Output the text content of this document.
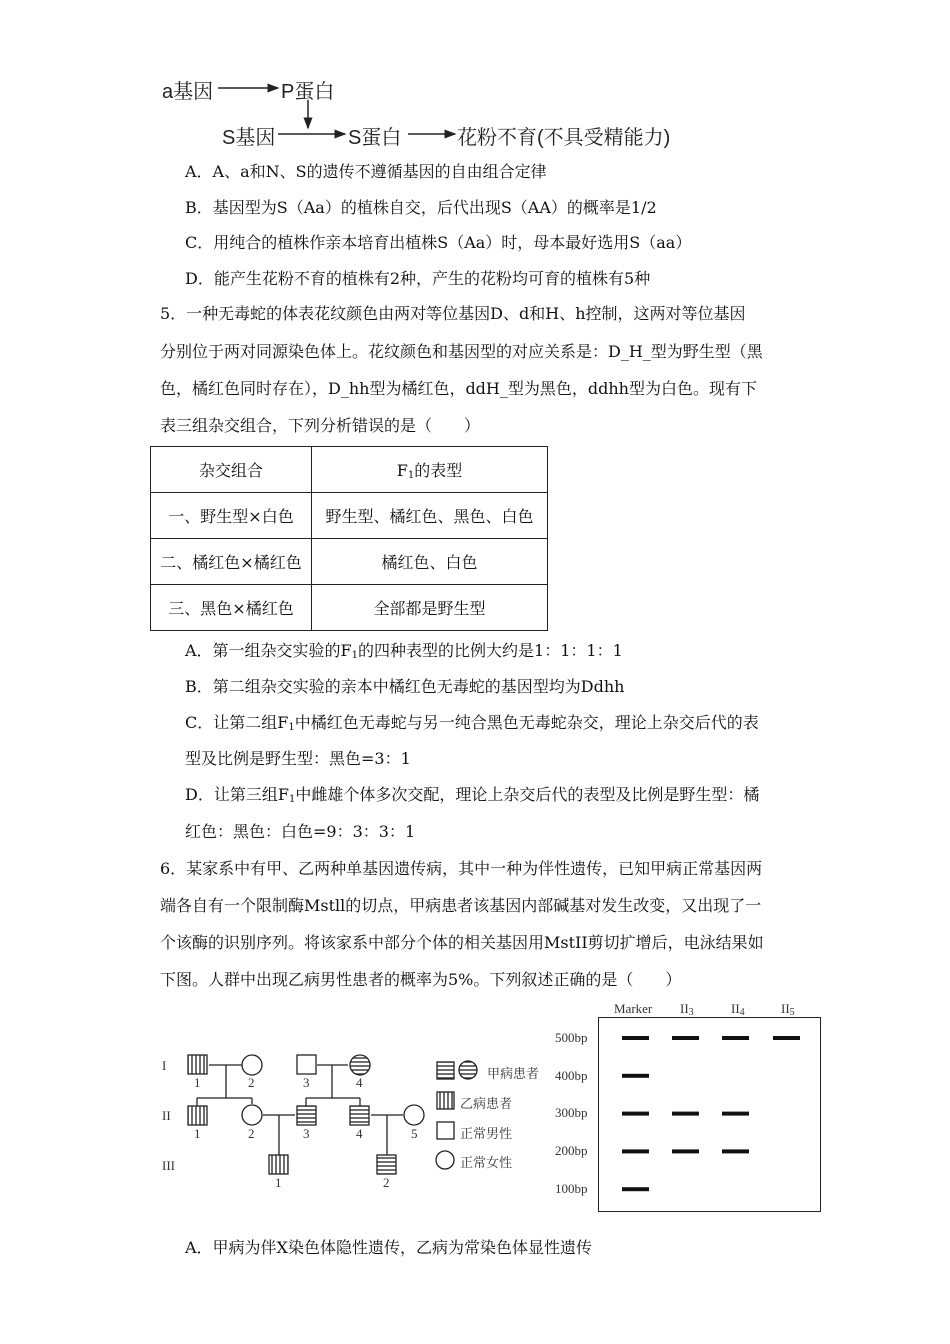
a基因	P蛋白
S基因	S蛋白	花粉不育(不具受精能力)
A．A、a和N、S的遗传不遵循基因的自由组合定律
B．基因型为S（Aa）的植株自交，后代出现S（AA）的概率是1/2
C．用纯合的植株作亲本培育出植株S（Aa）时，母本最好选用S（aa）
D．能产生花粉不育的植株有2种，产生的花粉均可育的植株有5种
5．一种无毒蛇的体表花纹颜色由两对等位基因D、d和H、h控制，这两对等位基因
分别位于两对同源染色体上。花纹颜色和基因型的对应关系是：D_H_型为野生型（黑
色，橘红色同时存在），D_hh型为橘红色，ddH_型为黑色，ddhh型为白色。现有下
表三组杂交组合，下列分析错误的是（　　）
杂交组合	F1的表型
一、野生型×白色	野生型、橘红色、黑色、白色
二、橘红色×橘红色	橘红色、白色
三、黑色×橘红色	全部都是野生型
A．第一组杂交实验的F1的四种表型的比例大约是1：1：1：1
B．第二组杂交实验的亲本中橘红色无毒蛇的基因型均为Ddhh
C．让第二组F1中橘红色无毒蛇与另一纯合黑色无毒蛇杂交，理论上杂交后代的表
型及比例是野生型：黑色=3：1
D．让第三组F1中雌雄个体多次交配，理论上杂交后代的表型及比例是野生型：橘
红色：黑色：白色=9：3：3：1
6．某家系中有甲、乙两种单基因遗传病，其中一种为伴性遗传，已知甲病正常基因两
端各自有一个限制酶Mstll的切点，甲病患者该基因内部碱基对发生改变，又出现了一
个该酶的识别序列。将该家系中部分个体的相关基因用MstII剪切扩增后，电泳结果如
下图。人群中出现乙病男性患者的概率为5%。下列叙述正确的是（　　）
I
II
III
1	2	3	4
1	2	3	4	5
1	2
甲病患者
乙病患者
正常男性
正常女性
Marker II3	II4	II5
500bp
400bp
300bp
200bp
100bp
A．甲病为伴X染色体隐性遗传，乙病为常染色体显性遗传
